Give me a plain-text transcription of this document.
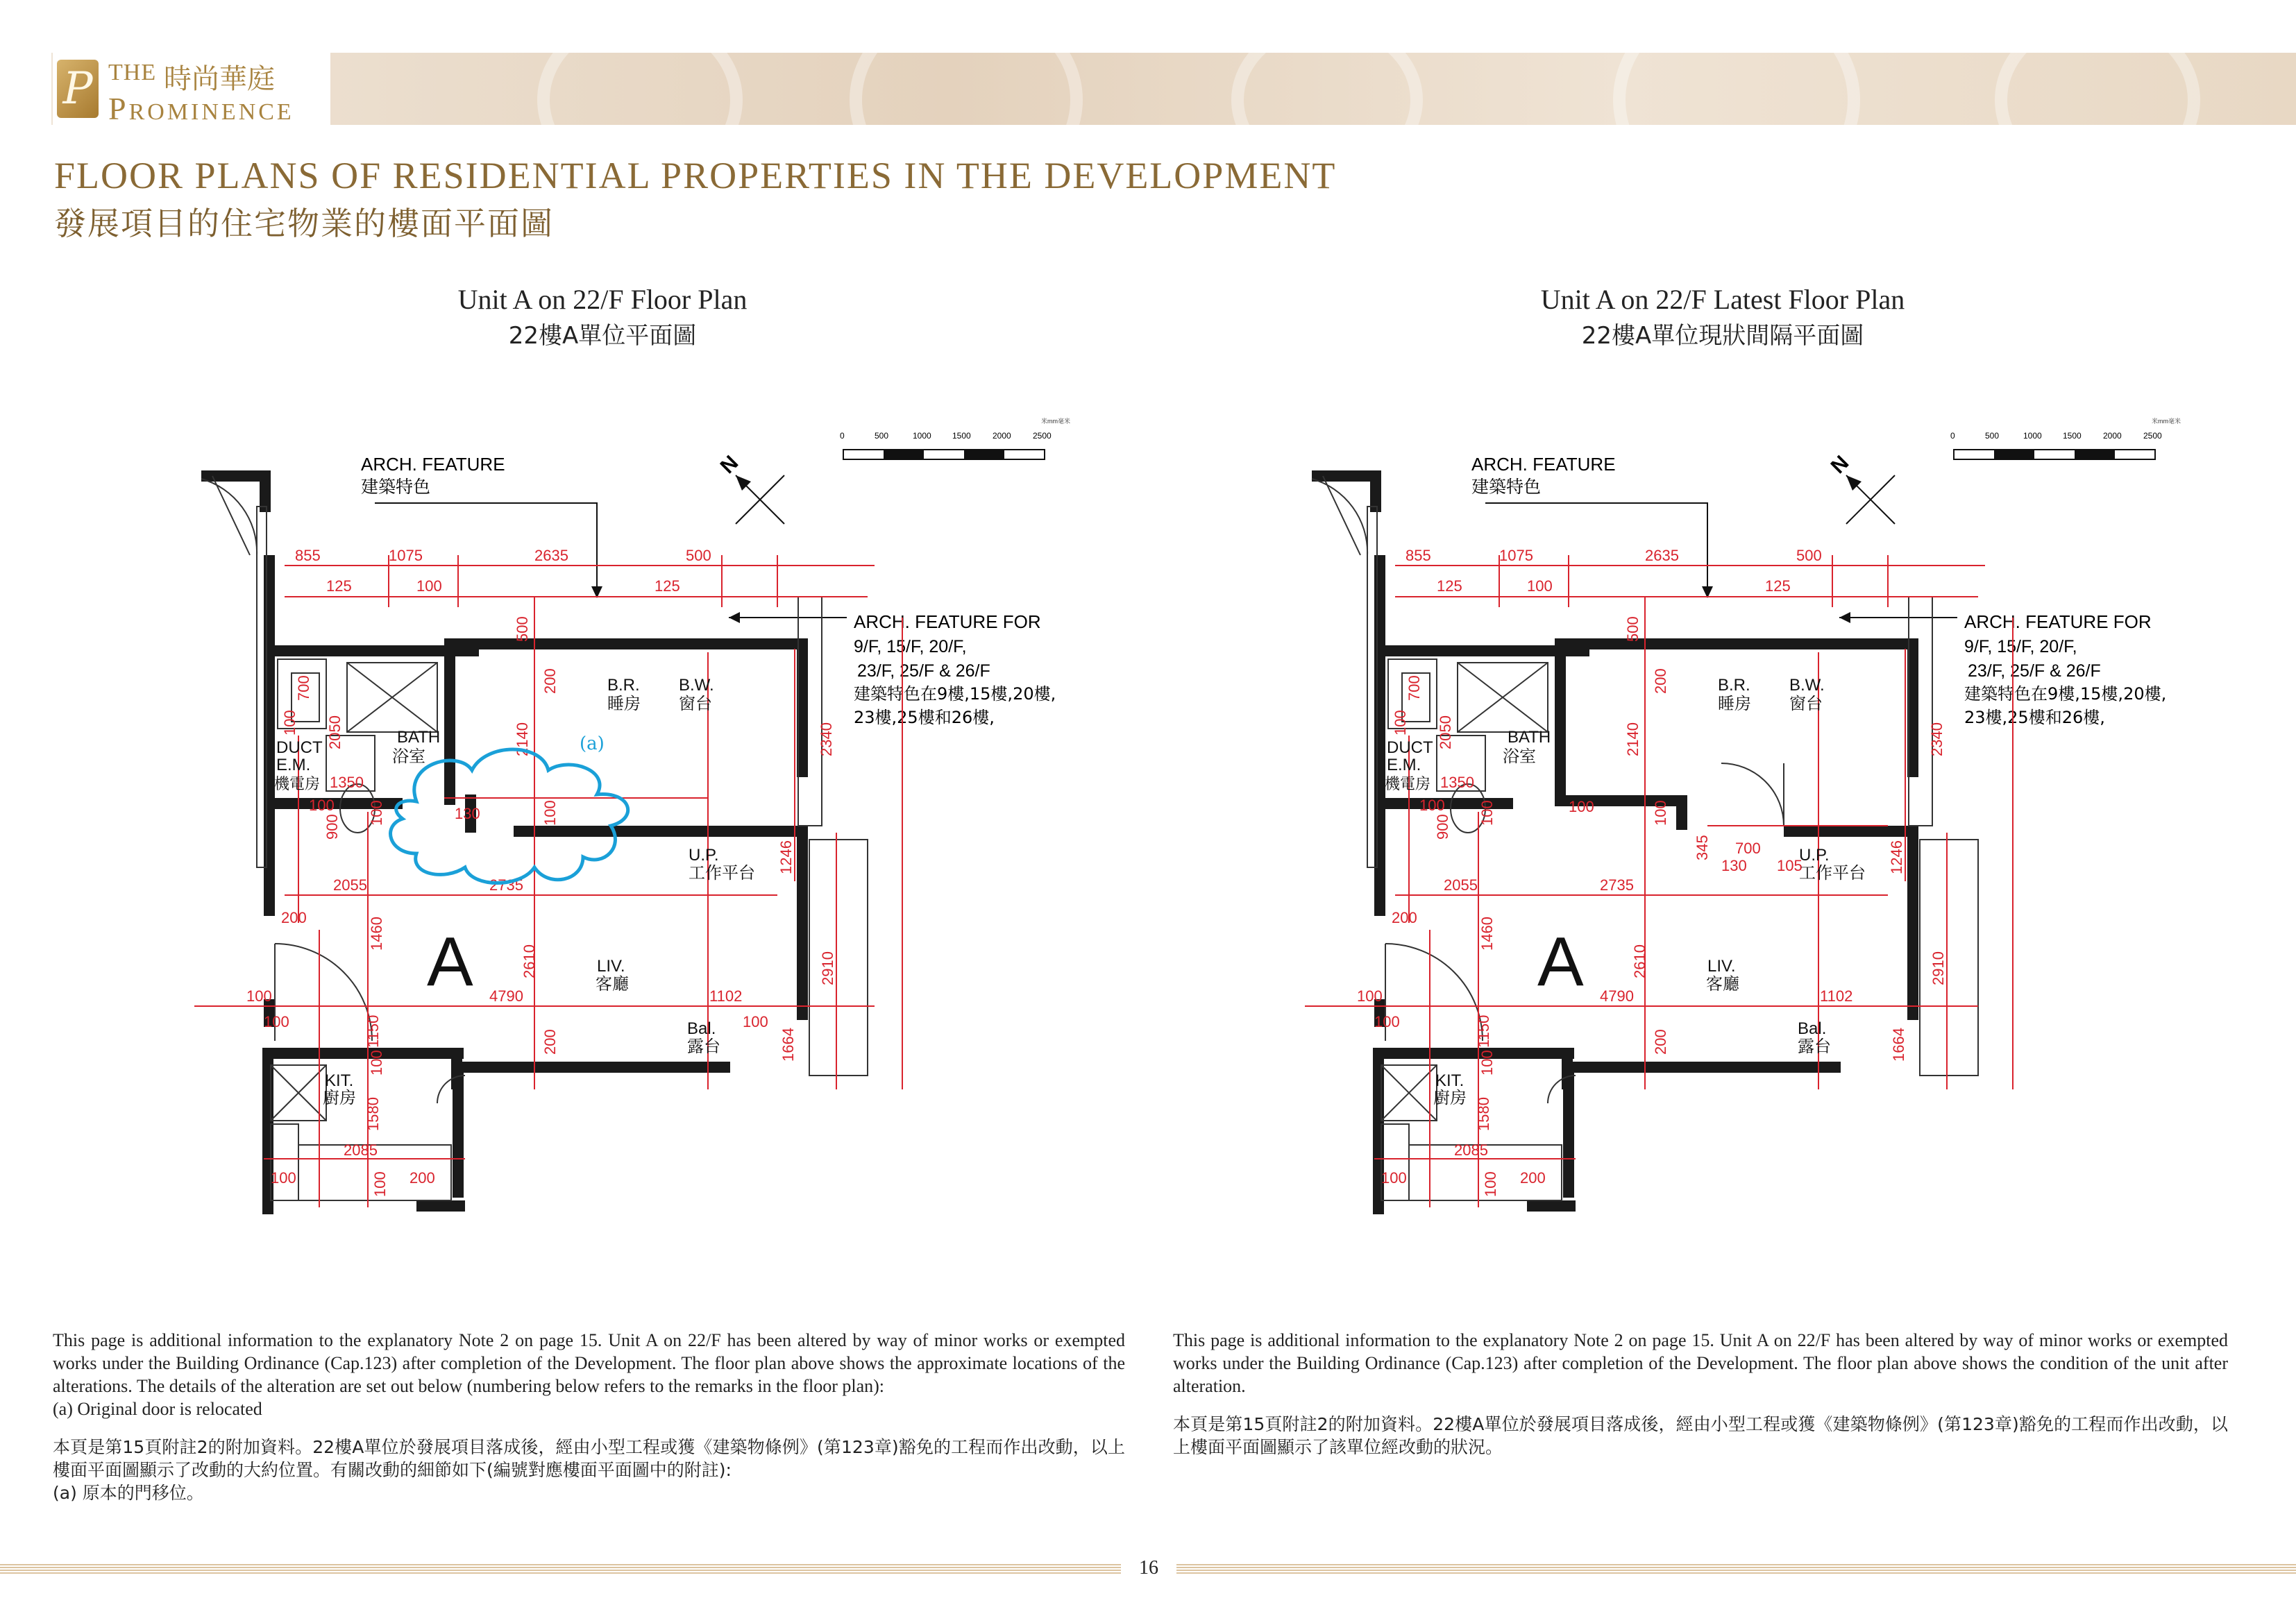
P THE 時尚華庭
PROMINENCE
FLOOR PLANS OF RESIDENTIAL PROPERTIES IN THE DEVELOPMENT
發展項目的住宅物業的樓面平面圖
Unit A on 22/F Floor Plan
22樓A單位平面圖
Unit A on 22/F Latest Floor Plan
22樓A單位現狀間隔平面圖
米mm毫米
0	500	1000	1500	2000	2500
N
ARCH. FEATURE
建築特色
ARCH. FEATURE FOR
9/F, 15/F, 20/F,
23/F, 25/F & 26/F
建築特色在9樓,15樓,20樓,
23樓,25樓和26樓,
855	1075	2635	500
125	100	125
500
2340
2140
200
700
100 2050
1350
100
900
100	130	100
2055	2735
1246
200	1460
2610	2910
4790	1102
1664
100
1150
100	100
200
100
1580
2085
100	200
100
B.R.
睡房
B.W.
窗台
BATH
浴室
DUCT
E.M.
機電房
U.P.
工作平台
LIV.
客廳
Bal.
露台
KIT.
廚房
A
(a)
米mm毫米
0	500	1000	1500	2000	2500
N
ARCH. FEATURE
建築特色
ARCH. FEATURE FOR
9/F, 15/F, 20/F,
23/F, 25/F & 26/F
建築特色在9樓,15樓,20樓,
23樓,25樓和26樓,
855	1075	2635	500
125	100	125
500
2340
2140
200
700
100 2050
1350
100	100
900
100	100
345
130
700
105
2055	2735
1246
200	1460
2610	2910
4790	1102
1664
100
1150
100
200
100
1580
2085
100	200
100
B.R.
睡房
B.W.
窗台
BATH
浴室
DUCT
E.M.
機電房
U.P.
工作平台
LIV.
客廳
Bal.
露台
KIT.
廚房
A

This page is additional information to the explanatory Note 2 on page 15. Unit A on 22/F has been altered by way of minor works or exempted works under the Building Ordinance (Cap.123) after completion of the Development. The floor plan above shows the approximate locations of the alterations. The details of the alteration are set out below (numbering below refers to the remarks in the floor plan):

(a) Original door is relocated

本頁是第15頁附註2的附加資料。22樓A單位於發展項目落成後，經由小型工程或獲《建築物條例》(第123章)豁免的工程而作出改動，以上樓面平面圖顯示了改動的大約位置。有關改動的細節如下(編號對應樓面平面圖中的附註):

(a) 原本的門移位。

This page is additional information to the explanatory Note 2 on page 15. Unit A on 22/F has been altered by way of minor works or exempted works under the Building Ordinance (Cap.123) after completion of the Development. The floor plan above shows the condition of the unit after alteration.

本頁是第15頁附註2的附加資料。22樓A單位於發展項目落成後，經由小型工程或獲《建築物條例》(第123章)豁免的工程而作出改動，以上樓面平面圖顯示了該單位經改動的狀況。

16
